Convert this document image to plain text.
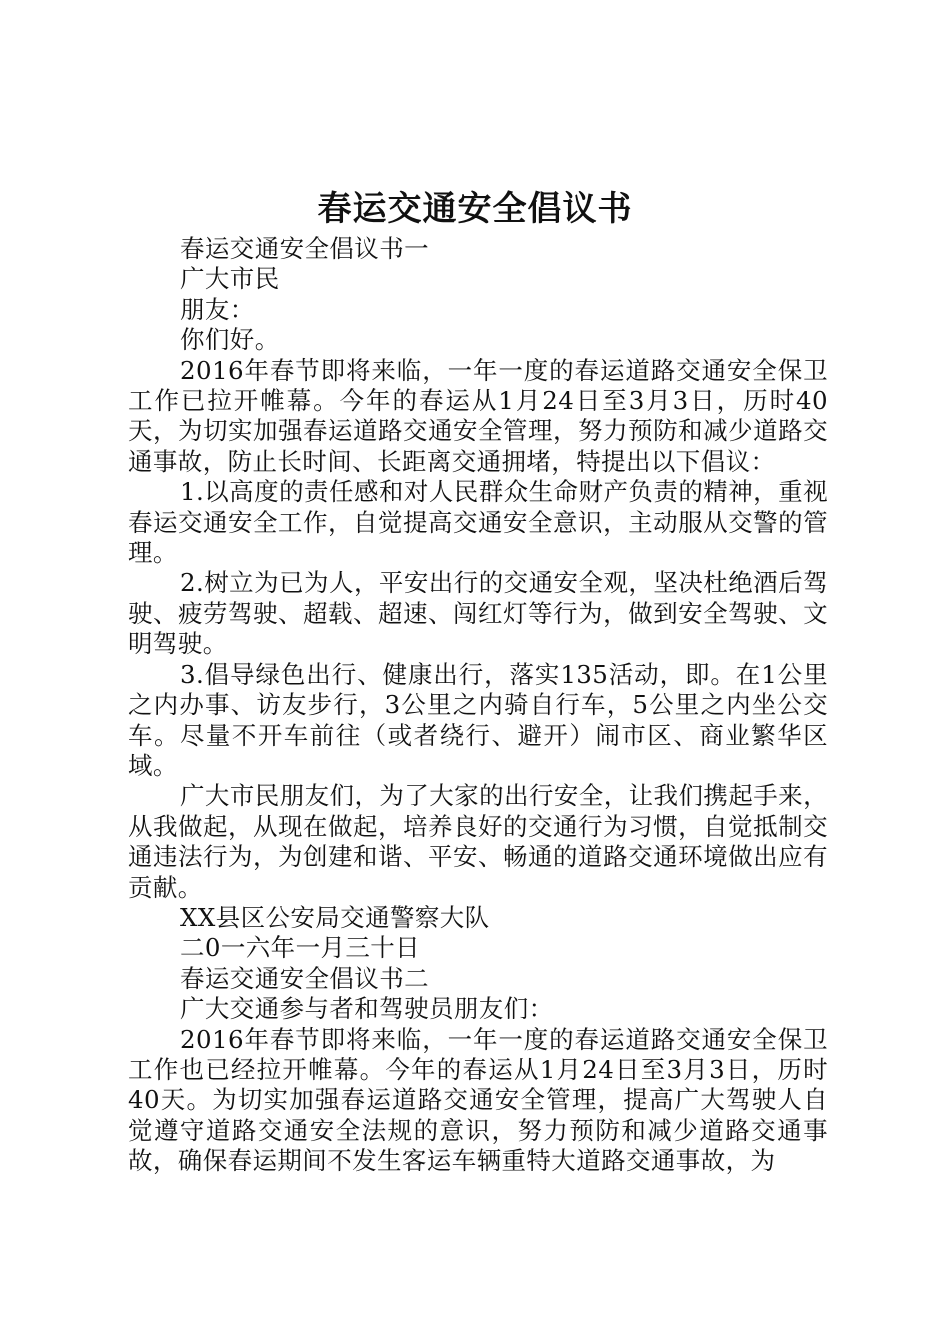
春运交通安全倡议书

春运交通安全倡议书一

广大市民

朋友：

你们好。

2016年春节即将来临，一年一度的春运道路交通安全保卫工作已拉开帷幕。今年的春运从1月24日至3月3日，历时40天，为切实加强春运道路交通安全管理，努力预防和减少道路交通事故，防止长时间、长距离交通拥堵，特提出以下倡议：

1.以高度的责任感和对人民群众生命财产负责的精神，重视春运交通安全工作，自觉提高交通安全意识，主动服从交警的管理。

2.树立为已为人，平安出行的交通安全观，坚决杜绝酒后驾驶、疲劳驾驶、超载、超速、闯红灯等行为，做到安全驾驶、文明驾驶。

3.倡导绿色出行、健康出行，落实135活动，即。在1公里之内办事、访友步行，3公里之内骑自行车，5公里之内坐公交车。尽量不开车前往（或者绕行、避开）闹市区、商业繁华区域。

广大市民朋友们，为了大家的出行安全，让我们携起手来，从我做起，从现在做起，培养良好的交通行为习惯，自觉抵制交通违法行为，为创建和谐、平安、畅通的道路交通环境做出应有贡献。

XX县区公安局交通警察大队

二0一六年一月三十日

春运交通安全倡议书二

广大交通参与者和驾驶员朋友们：

2016年春节即将来临，一年一度的春运道路交通安全保卫工作也已经拉开帷幕。今年的春运从1月24日至3月3日，历时40天。为切实加强春运道路交通安全管理，提高广大驾驶人自觉遵守道路交通安全法规的意识，努力预防和减少道路交通事故，确保春运期间不发生客运车辆重特大道路交通事故，为
